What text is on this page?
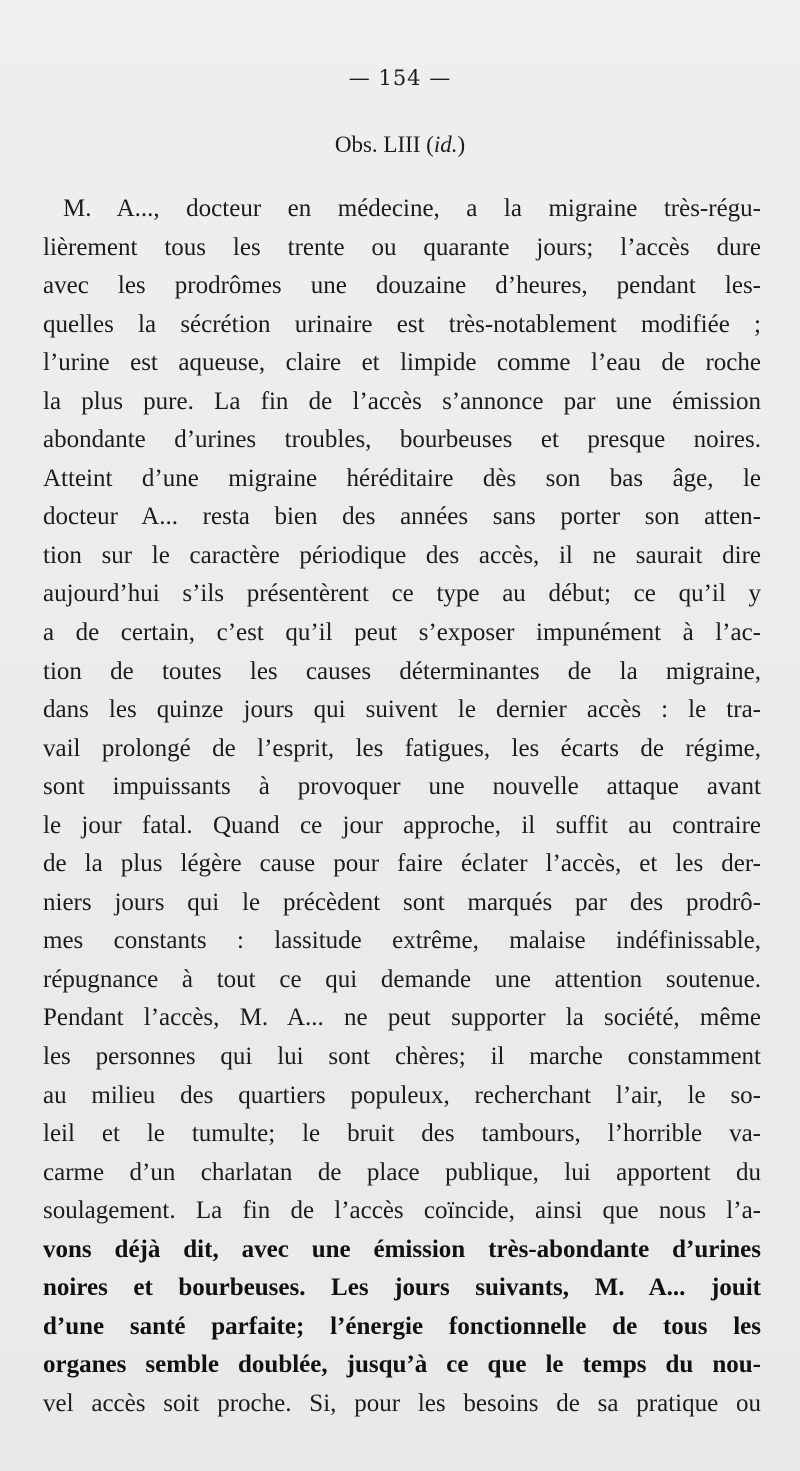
— 154 —
Obs. LIII (id.)
M. A..., docteur en médecine, a la migraine très-régu-
lièrement tous les trente ou quarante jours; l’accès dure
avec les prodrômes une douzaine d’heures, pendant les-
quelles la sécrétion urinaire est très-notablement modifiée ;
l’urine est aqueuse, claire et limpide comme l’eau de roche
la plus pure. La fin de l’accès s’annonce par une émission
abondante d’urines troubles, bourbeuses et presque noires.
Atteint d’une migraine héréditaire dès son bas âge, le
docteur A... resta bien des années sans porter son atten-
tion sur le caractère périodique des accès, il ne saurait dire
aujourd’hui s’ils présentèrent ce type au début; ce qu’il y
a de certain, c’est qu’il peut s’exposer impunément à l’ac-
tion de toutes les causes déterminantes de la migraine,
dans les quinze jours qui suivent le dernier accès : le tra-
vail prolongé de l’esprit, les fatigues, les écarts de régime,
sont impuissants à provoquer une nouvelle attaque avant
le jour fatal. Quand ce jour approche, il suffit au contraire
de la plus légère cause pour faire éclater l’accès, et les der-
niers jours qui le précèdent sont marqués par des prodrô-
mes constants : lassitude extrême, malaise indéfinissable,
répugnance à tout ce qui demande une attention soutenue.
Pendant l’accès, M. A... ne peut supporter la société, même
les personnes qui lui sont chères; il marche constamment
au milieu des quartiers populeux, recherchant l’air, le so-
leil et le tumulte; le bruit des tambours, l’horrible va-
carme d’un charlatan de place publique, lui apportent du
soulagement. La fin de l’accès coïncide, ainsi que nous l’a-
vons déjà dit, avec une émission très-abondante d’urines
noires et bourbeuses. Les jours suivants, M. A... jouit
d’une santé parfaite; l’énergie fonctionnelle de tous les
organes semble doublée, jusqu’à ce que le temps du nou-
vel accès soit proche. Si, pour les besoins de sa pratique ou
